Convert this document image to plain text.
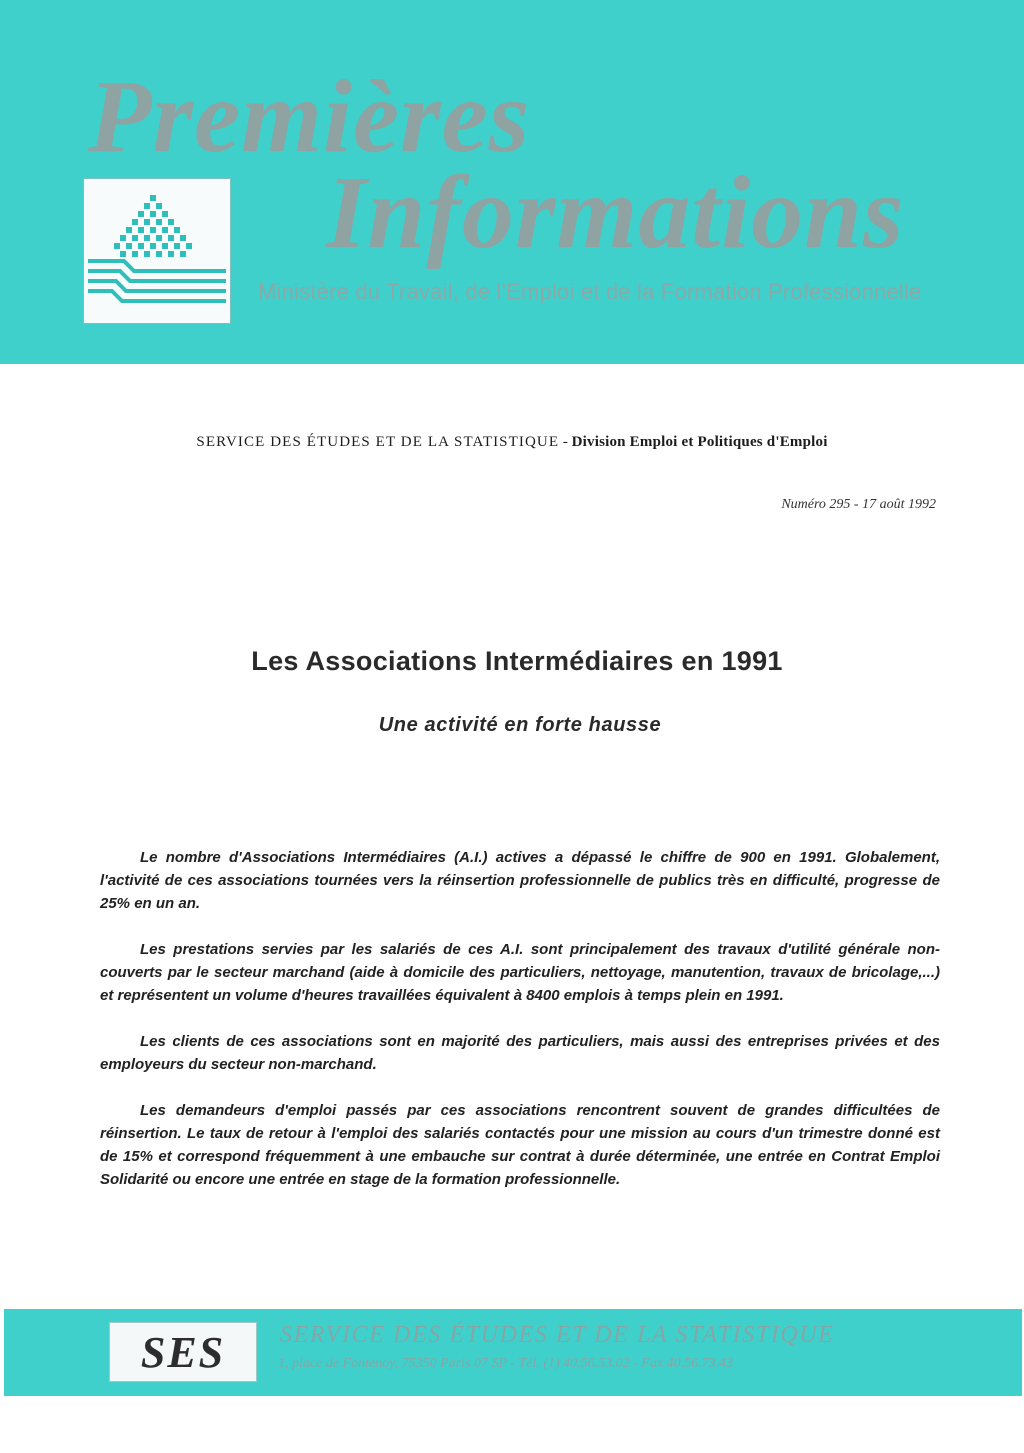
Premières
Informations

Ministère du Travail, de l'Emploi et de la Formation Professionnelle

SERVICE DES ÉTUDES ET DE LA STATISTIQUE - Division Emploi et Politiques d'Emploi
Numéro 295 - 17 août 1992
Les Associations Intermédiaires en 1991
Une activité en forte hausse

Le nombre d'Associations Intermédiaires (A.I.) actives a dépassé le chiffre de 900 en 1991. Globalement, l'activité de ces associations tournées vers la réinsertion professionnelle de publics très en difficulté, progresse de 25% en un an.

Les prestations servies par les salariés de ces A.I. sont principalement des travaux d'utilité générale non-couverts par le secteur marchand (aide à domicile des particuliers, nettoyage, manutention, travaux de bricolage,...) et représentent un volume d'heures travaillées équivalent à 8400 emplois à temps plein en 1991.

Les clients de ces associations sont en majorité des particuliers, mais aussi des entreprises privées et des employeurs du secteur non-marchand.

Les demandeurs d'emploi passés par ces associations rencontrent souvent de grandes difficultées de réinsertion. Le taux de retour à l'emploi des salariés contactés pour une mission au cours d'un trimestre donné est de 15% et correspond fréquemment à une embauche sur contrat à durée déterminée, une entrée en Contrat Emploi Solidarité ou encore une entrée en stage de la formation professionnelle.

SES	SERVICE DES ÉTUDES ET DE LA STATISTIQUE

1, place de Fontenoy, 75350 Paris 07 SP - Tél. (1) 40.56.53.02 - Fax 40.56.73.43
